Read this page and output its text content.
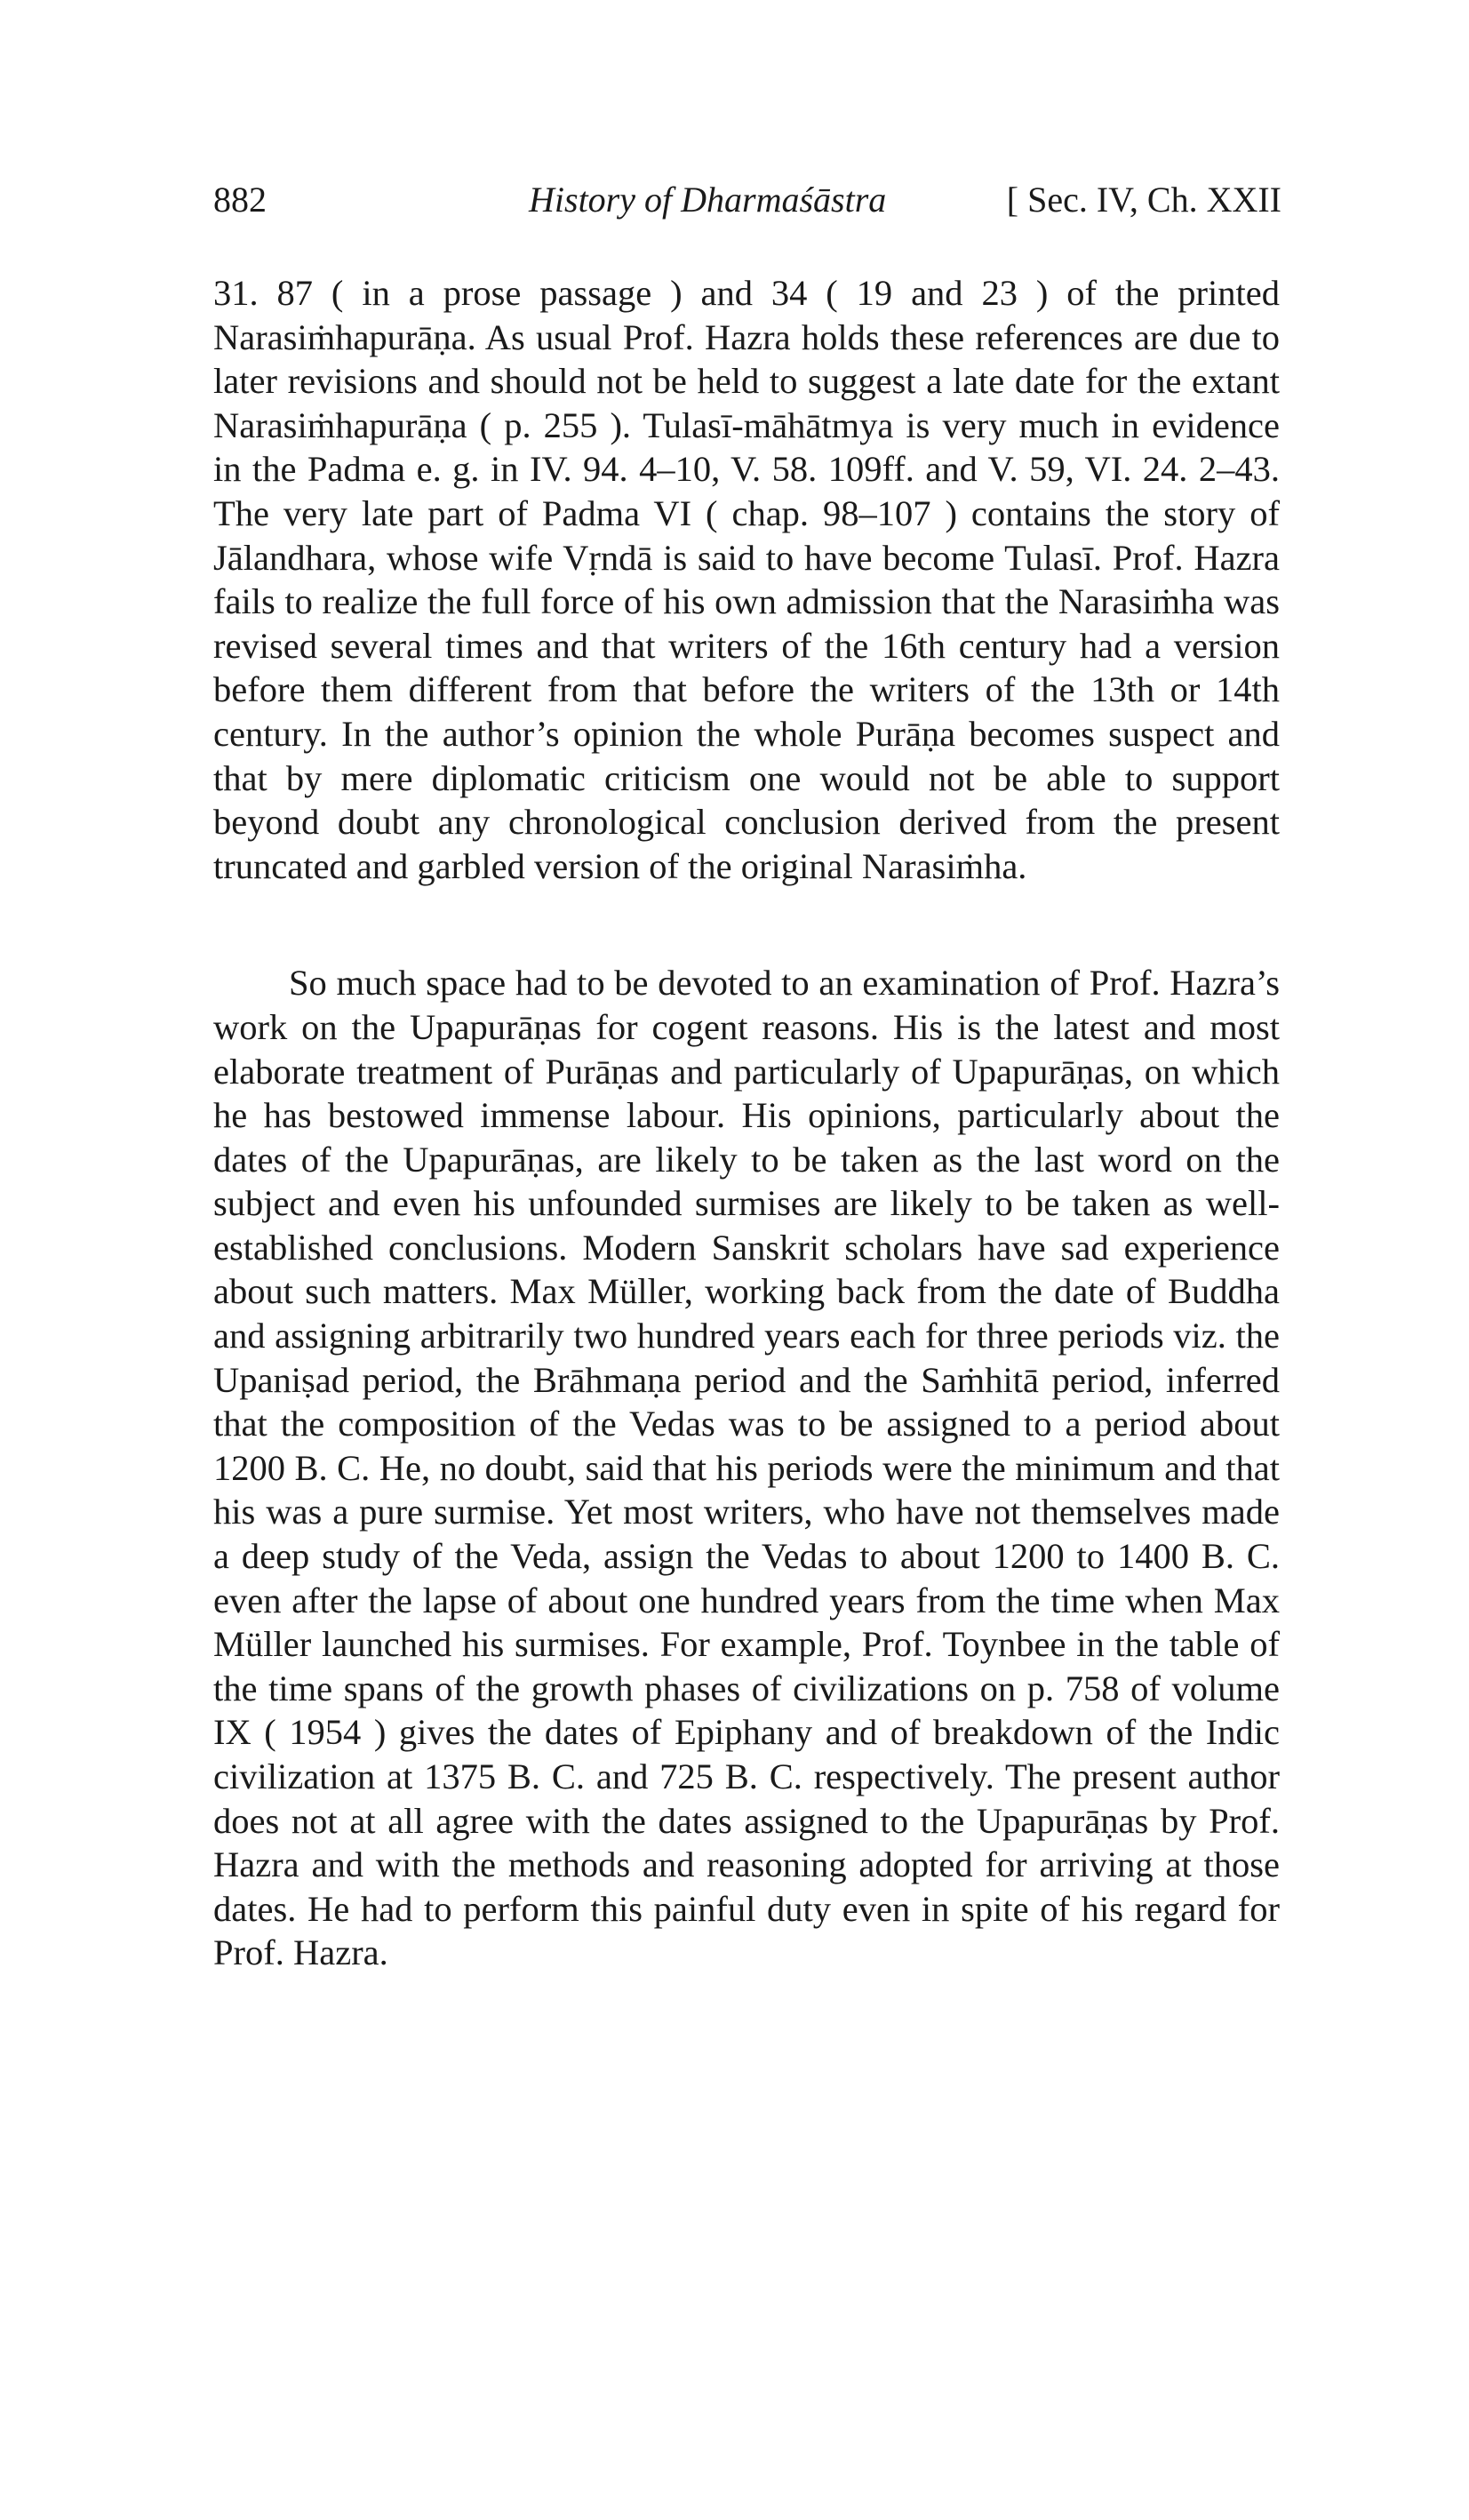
882	History of Dharmaśāstra	[ Sec. IV, Ch. XXII

31. 87 ( in a prose passage ) and 34 ( 19 and 23 ) of the printed Narasiṁhapurāṇa. As usual Prof. Hazra holds these references are due to later revisions and should not be held to suggest a late date for the extant Narasiṁhapurāṇa ( p. 255 ). Tulasī-māhātmya is very much in evidence in the Padma e. g. in IV. 94. 4–10, V. 58. 109ff. and V. 59, VI. 24. 2–43. The very late part of Padma VI ( chap. 98–107 ) contains the story of Jālandhara, whose wife Vṛndā is said to have become Tulasī. Prof. Hazra fails to realize the full force of his own admission that the Narasiṁha was revised several times and that writers of the 16th century had a version before them different from that before the writers of the 13th or 14th century. In the author’s opinion the whole Purāṇa becomes suspect and that by mere diplomatic criticism one would not be able to support beyond doubt any chronological conclusion derived from the present truncated and garbled version of the original Narasiṁha.

So much space had to be devoted to an examination of Prof. Hazra’s work on the Upapurāṇas for cogent reasons. His is the latest and most elaborate treatment of Purāṇas and particularly of Upapurāṇas, on which he has bestowed immense labour. His opinions, particularly about the dates of the Upapurāṇas, are likely to be taken as the last word on the subject and even his unfounded surmises are likely to be taken as well-established conclusions. Modern Sanskrit scholars have sad experience about such matters. Max Müller, working back from the date of Buddha and assigning arbitrarily two hundred years each for three periods viz. the Upaniṣad period, the Brāhmaṇa period and the Saṁhitā period, inferred that the composition of the Vedas was to be assigned to a period about 1200 B. C. He, no doubt, said that his periods were the minimum and that his was a pure surmise. Yet most writers, who have not themselves made a deep study of the Veda, assign the Vedas to about 1200 to 1400 B. C. even after the lapse of about one hundred years from the time when Max Müller launched his surmises. For example, Prof. Toynbee in the table of the time spans of the growth phases of civilizations on p. 758 of volume IX ( 1954 ) gives the dates of Epiphany and of breakdown of the Indic civilization at 1375 B. C. and 725 B. C. respectively. The present author does not at all agree with the dates assigned to the Upapurāṇas by Prof. Hazra and with the methods and reasoning adopted for arriving at those dates. He had to perform this painful duty even in spite of his regard for Prof. Hazra.
